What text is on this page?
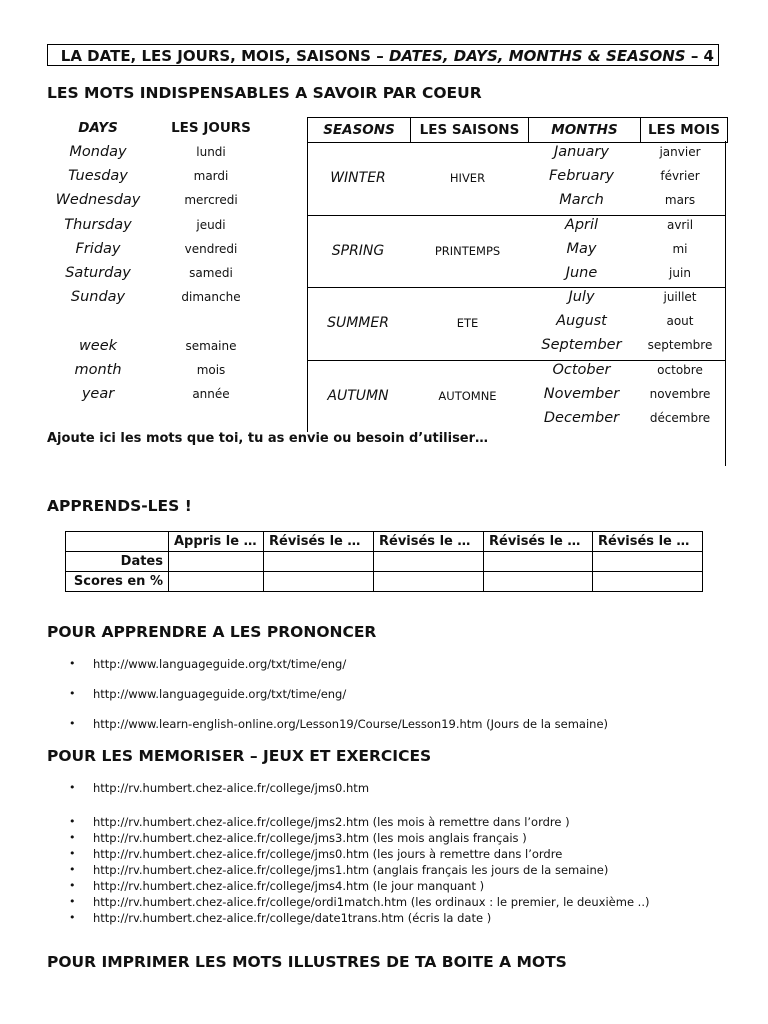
LA DATE, LES JOURS, MOIS, SAISONS – DATES, DAYS, MONTHS & SEASONS – 4
LES MOTS INDISPENSABLES A SAVOIR PAR COEUR
DAYS	LES JOURS
Monday	lundi
Tuesday	mardi
Wednesday	mercredi
Thursday	jeudi
Friday	vendredi
Saturday	samedi
Sunday	dimanche
week	semaine
month	mois
year	année
SEASONS	LES SAISONS	MONTHS	LES MOIS
WINTER	HIVER
January	janvier
February	février
March	mars
SPRING	PRINTEMPS
April	avril
May	mi
June	juin
SUMMER	ETE
July	juillet
August	aout
September	septembre
AUTUMN	AUTOMNE
October	octobre
November	novembre
December	décembre
Ajoute ici les mots que toi, tu as envie ou besoin d’utiliser…
APPRENDS-LES !
	Appris le …	Révisés le …	Révisés le …	Révisés le …	Révisés le …
Dates					
Scores en %					
POUR APPRENDRE A LES PRONONCER
• http://www.languageguide.org/txt/time/eng/
• http://www.languageguide.org/txt/time/eng/
• http://www.learn-english-online.org/Lesson19/Course/Lesson19.htm (Jours de la semaine)
POUR LES MEMORISER – JEUX ET EXERCICES
• http://rv.humbert.chez-alice.fr/college/jms0.htm
• http://rv.humbert.chez-alice.fr/college/jms2.htm (les mois à remettre dans l’ordre )
• http://rv.humbert.chez-alice.fr/college/jms3.htm (les mois anglais français )
• http://rv.humbert.chez-alice.fr/college/jms0.htm (les jours à remettre dans l’ordre
• http://rv.humbert.chez-alice.fr/college/jms1.htm (anglais français les jours de la semaine)
• http://rv.humbert.chez-alice.fr/college/jms4.htm (le jour manquant )
• http://rv.humbert.chez-alice.fr/college/ordi1match.htm (les ordinaux : le premier, le deuxième ..)
• http://rv.humbert.chez-alice.fr/college/date1trans.htm (écris la date )
POUR IMPRIMER LES MOTS ILLUSTRES DE TA BOITE A MOTS
